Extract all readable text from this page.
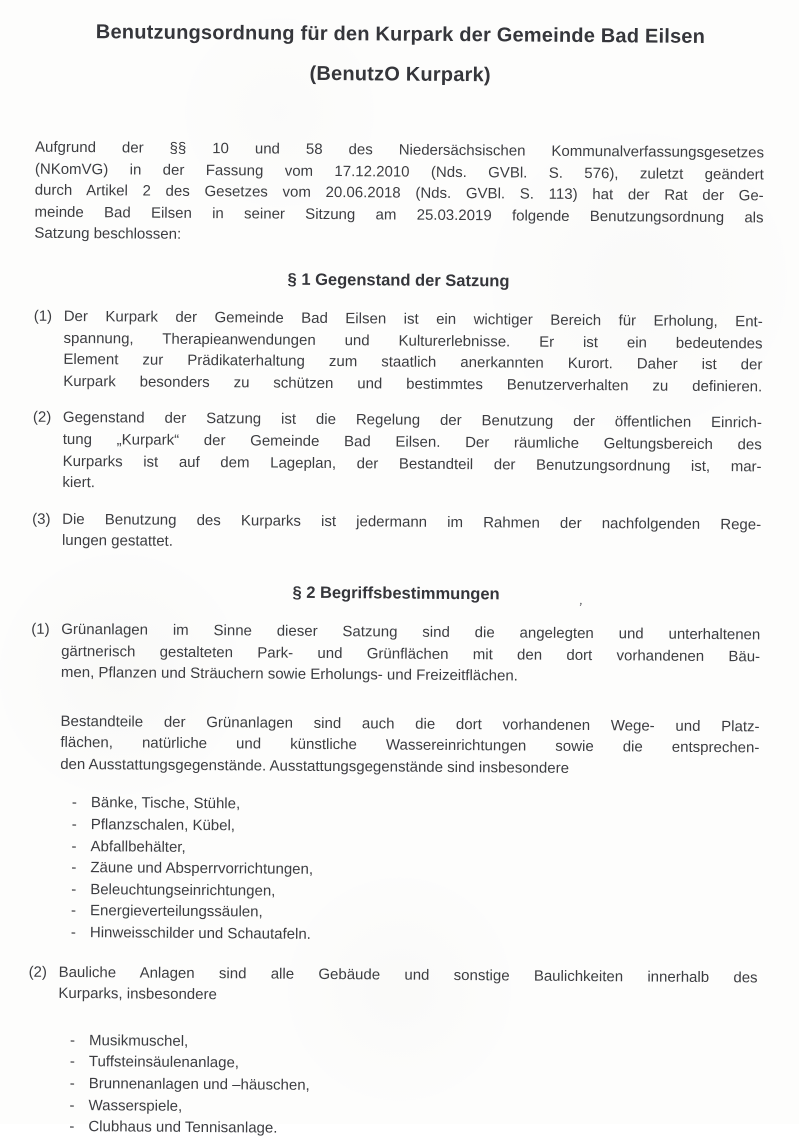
Benutzungsordnung für den Kurpark der Gemeinde Bad Eilsen
(BenutzO Kurpark)
Aufgrund der §§ 10 und 58 des Niedersächsischen Kommunalverfassungsgesetzes
(NKomVG) in der Fassung vom 17.12.2010 (Nds. GVBl. S. 576), zuletzt geändert
durch Artikel 2 des Gesetzes vom 20.06.2018 (Nds. GVBl. S. 113) hat der Rat der Ge-
meinde Bad Eilsen in seiner Sitzung am 25.03.2019 folgende Benutzungsordnung als
Satzung beschlossen:
§ 1 Gegenstand der Satzung
(1) Der Kurpark der Gemeinde Bad Eilsen ist ein wichtiger Bereich für Erholung, Ent-
spannung, Therapieanwendungen und Kulturerlebnisse. Er ist ein bedeutendes
Element zur Prädikaterhaltung zum staatlich anerkannten Kurort. Daher ist der
Kurpark besonders zu schützen und bestimmtes Benutzerverhalten zu definieren.
(2) Gegenstand der Satzung ist die Regelung der Benutzung der öffentlichen Einrich-
tung „Kurpark“ der Gemeinde Bad Eilsen. Der räumliche Geltungsbereich des
Kurparks ist auf dem Lageplan, der Bestandteil der Benutzungsordnung ist, mar-
kiert.
(3) Die Benutzung des Kurparks ist jedermann im Rahmen der nachfolgenden Rege-
lungen gestattet.
§ 2 Begriffsbestimmungen
ʼ
(1) Grünanlagen im Sinne dieser Satzung sind die angelegten und unterhaltenen
gärtnerisch gestalteten Park- und Grünflächen mit den dort vorhandenen Bäu-
men, Pflanzen und Sträuchern sowie Erholungs- und Freizeitflächen.
Bestandteile der Grünanlagen sind auch die dort vorhandenen Wege- und Platz-
flächen, natürliche und künstliche Wassereinrichtungen sowie die entsprechen-
den Ausstattungsgegenstände. Ausstattungsgegenstände sind insbesondere
- Bänke, Tische, Stühle,
- Pflanzschalen, Kübel,
- Abfallbehälter,
- Zäune und Absperrvorrichtungen,
- Beleuchtungseinrichtungen,
- Energieverteilungssäulen,
- Hinweisschilder und Schautafeln.
(2) Bauliche Anlagen sind alle Gebäude und sonstige Baulichkeiten innerhalb des
Kurparks, insbesondere
- Musikmuschel,
- Tuffsteinsäulenanlage,
- Brunnenanlagen und –häuschen,
- Wasserspiele,
- Clubhaus und Tennisanlage.
